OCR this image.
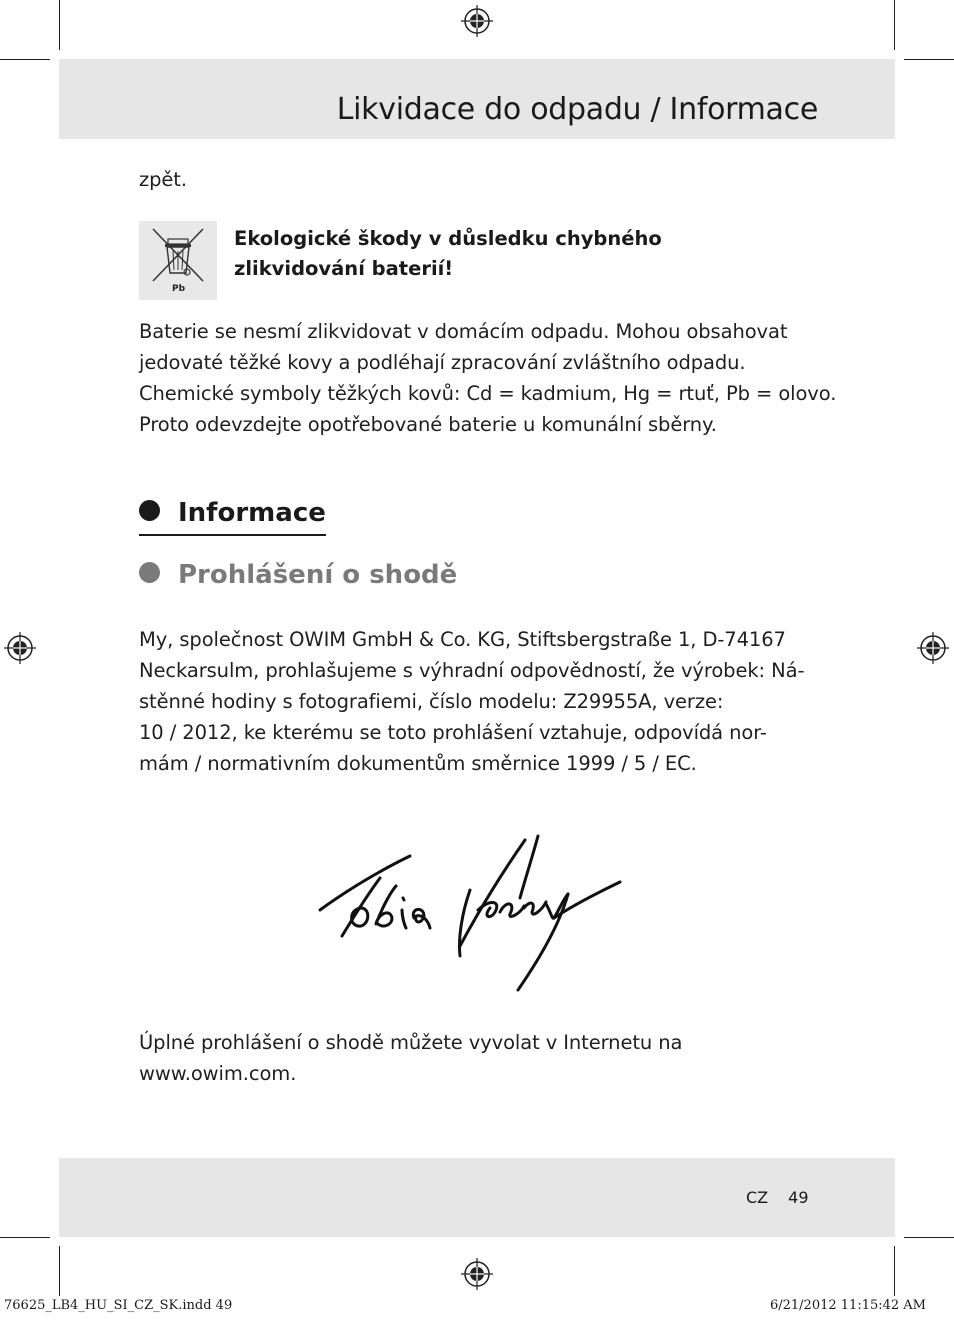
Likvidace do odpadu / Informace
zpět.
Pb
Ekologické škody v důsledku chybného
zlikvidování baterií!
Baterie se nesmí zlikvidovat v domácím odpadu. Mohou obsahovat
jedovaté těžké kovy a podléhají zpracování zvláštního odpadu.
Chemické symboly těžkých kovů: Cd = kadmium, Hg = rtuť, Pb = olovo.
Proto odevzdejte opotřebované baterie u komunální sběrny.
Informace
Prohlášení o shodě
My, společnost OWIM GmbH & Co. KG, Stiftsbergstraße 1, D-74167
Neckarsulm, prohlašujeme s výhradní odpovědností, že výrobek: Ná-
stěnné hodiny s fotografiemi, číslo modelu: Z29955A, verze:
10 / 2012, ke kterému se toto prohlášení vztahuje, odpovídá nor-
mám / normativním dokumentům směrnice 1999 / 5 / EC.
Úplné prohlášení o shodě můžete vyvolat v Internetu na
www.owim.com.
CZ 49
76625_LB4_HU_SI_CZ_SK.indd 49	6/21/2012 11:15:42 AM
